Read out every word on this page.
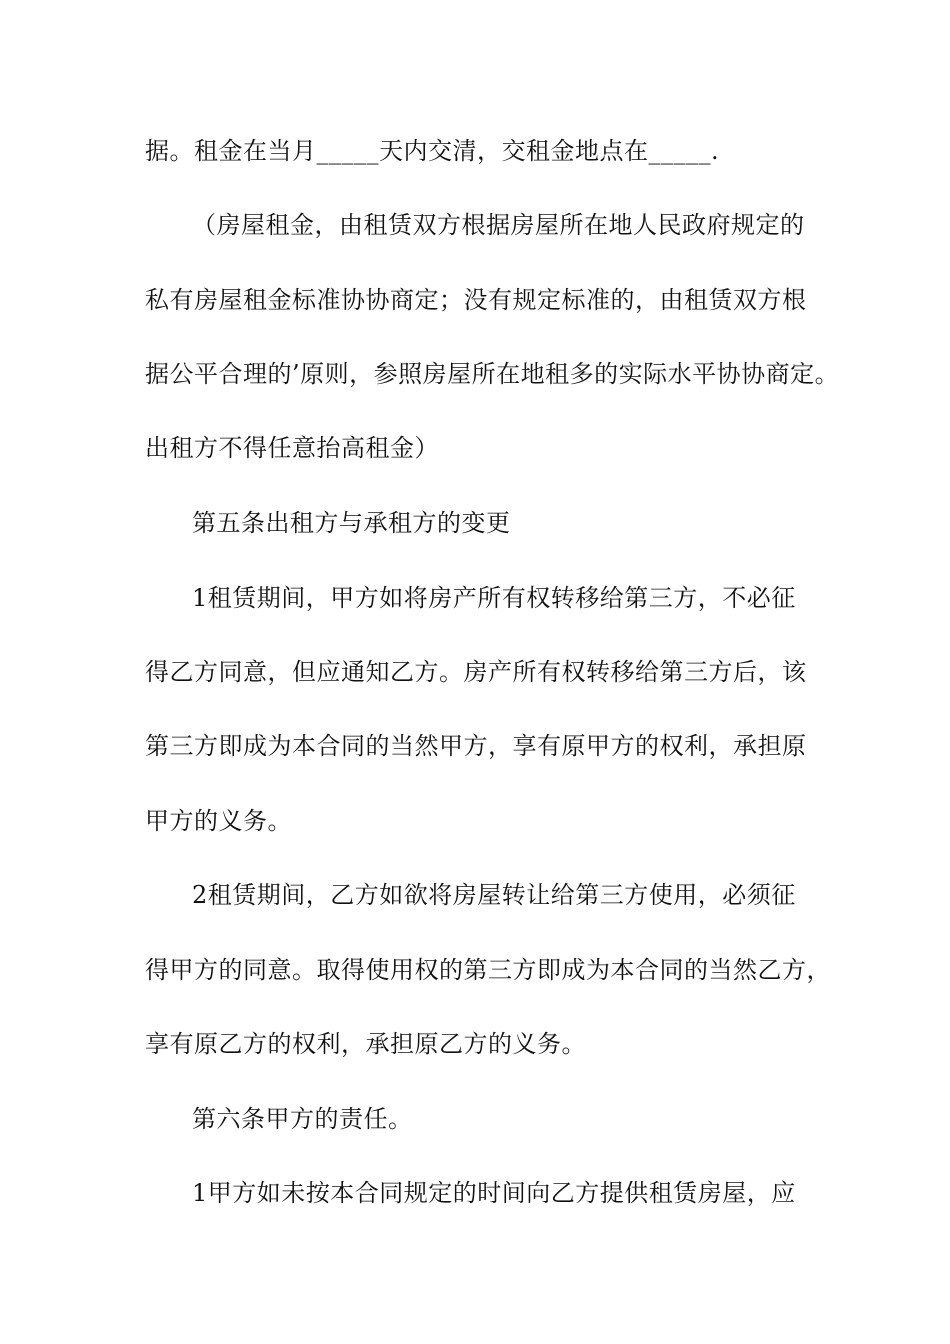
据。租金在当月_____天内交清，交租金地点在_____.
（房屋租金，由租赁双方根据房屋所在地人民政府规定的
私有房屋租金标准协协商定；没有规定标准的，由租赁双方根
据公平合理的’原则，参照房屋所在地租多的实际水平协协商定。
出租方不得任意抬高租金）
第五条出租方与承租方的变更
1租赁期间，甲方如将房产所有权转移给第三方，不必征
得乙方同意，但应通知乙方。房产所有权转移给第三方后，该
第三方即成为本合同的当然甲方，享有原甲方的权利，承担原
甲方的义务。
2租赁期间，乙方如欲将房屋转让给第三方使用，必须征
得甲方的同意。取得使用权的第三方即成为本合同的当然乙方，
享有原乙方的权利，承担原乙方的义务。
第六条甲方的责任。
1甲方如未按本合同规定的时间向乙方提供租赁房屋，应
